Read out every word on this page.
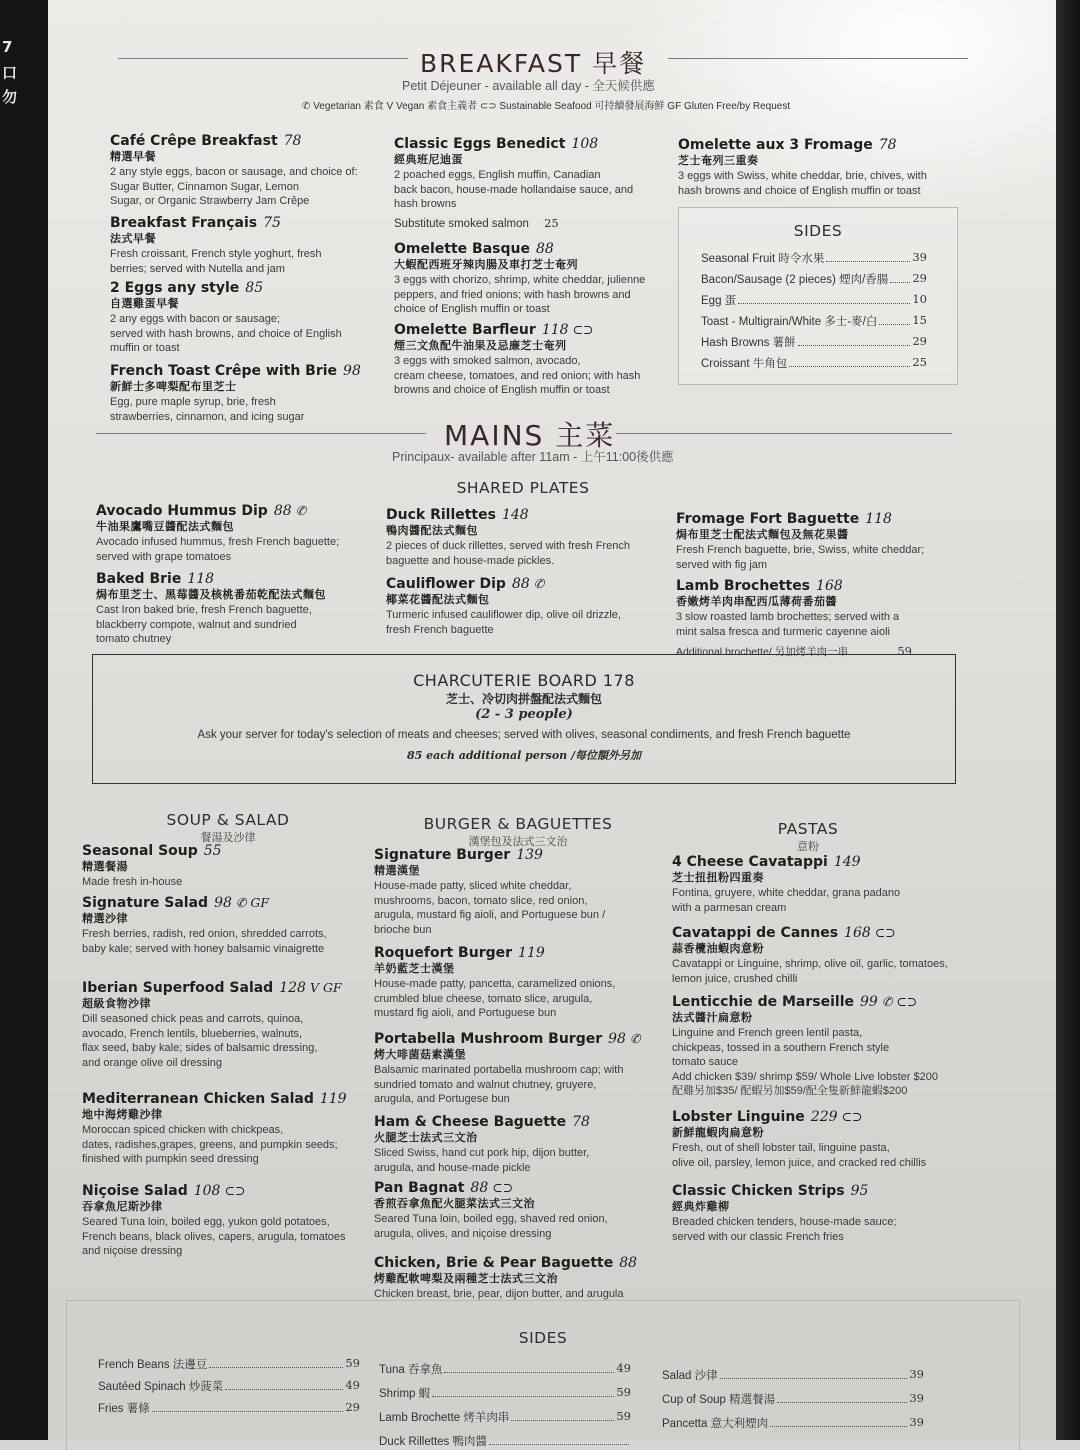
7
口
勿
BREAKFAST 早餐
Petit Déjeuner - available all day - 全天候供應
✆ Vegetarian 素食 V Vegan 素食主義者 ⊂⊃ Sustainable Seafood 可持續發展海鮮 GF Gluten Free/by Request
Café Crêpe Breakfast 78
精選早餐
2 any style eggs, bacon or sausage, and choice of:
Sugar Butter, Cinnamon Sugar, Lemon
Sugar, or Organic Strawberry Jam Crêpe
Breakfast Français 75
法式早餐
Fresh croissant, French style yoghurt, fresh
berries; served with Nutella and jam
2 Eggs any style 85
自選雞蛋早餐
2 any eggs with bacon or sausage;
served with hash browns, and choice of English
muffin or toast
French Toast Crêpe with Brie 98
新鮮士多啤梨配布里芝士
Egg, pure maple syrup, brie, fresh
strawberries, cinnamon, and icing sugar
Classic Eggs Benedict 108
經典班尼迪蛋
2 poached eggs, English muffin, Canadian
back bacon, house-made hollandaise sauce, and
hash browns
Omelette Basque 88
大蝦配西班牙辣肉腸及車打芝士奄列
3 eggs with chorizo, shrimp, white cheddar, julienne
peppers, and fried onions; with hash browns and
choice of English muffin or toast
Omelette Barfleur 118 ⊂⊃
煙三文魚配牛油果及忌廉芝士奄列
3 eggs with smoked salmon, avocado,
cream cheese, tomatoes, and red onion; with hash
browns and choice of English muffin or toast
Substitute smoked salmon 25
Omelette aux 3 Fromage 78
芝士奄列三重奏
3 eggs with Swiss, white cheddar, brie, chives, with
hash browns and choice of English muffin or toast
SIDES
Seasonal Fruit 時令水果	39
Bacon/Sausage (2 pieces) 煙肉/香腸 29
Egg 蛋	10
Toast - Multigrain/White 多士-麥/白	15
Hash Browns 薯餅	29
Croissant 牛角包	25
MAINS 主菜
Principaux- available after 11am - 上午11:00後供應
SHARED PLATES
Avocado Hummus Dip 88 ✆
牛油果鷹嘴豆醬配法式麵包
Avocado infused hummus, fresh French baguette;
served with grape tomatoes
Baked Brie 118
焗布里芝士、黑莓醬及核桃番茄乾配法式麵包
Cast Iron baked brie, fresh French baguette,
blackberry compote, walnut and sundried
tomato chutney
Duck Rillettes 148
鴨肉醬配法式麵包
2 pieces of duck rillettes, served with fresh French
baguette and house-made pickles.
Cauliflower Dip 88 ✆
椰菜花醬配法式麵包
Turmeric infused cauliflower dip, olive oil drizzle,
fresh French baguette
Fromage Fort Baguette 118
焗布里芝士配法式麵包及無花果醬
Fresh French baguette, brie, Swiss, white cheddar;
served with fig jam
Lamb Brochettes 168
香嫩烤羊肉串配西瓜薄荷番茄醬
3 slow roasted lamb brochettes; served with a
mint salsa fresca and turmeric cayenne aioli
Additional brochette/ 另加烤羊肉一串	59
CHARCUTERIE BOARD 178
芝士、冷切肉拼盤配法式麵包
(2 - 3 people)
Ask your server for today's selection of meats and cheeses; served with olives, seasonal condiments, and fresh French baguette
85 each additional person /每位額外另加
SOUP & SALAD
餐湯及沙律
BURGER & BAGUETTES
漢堡包及法式三文治
PASTAS
意粉
Seasonal Soup 55
精選餐湯
Made fresh in-house
Signature Salad 98 ✆ GF
精選沙律
Fresh berries, radish, red onion, shredded carrots,
baby kale; served with honey balsamic vinaigrette
Iberian Superfood Salad 128 V GF
超級食物沙律
Dill seasoned chick peas and carrots, quinoa,
avocado, French lentils, blueberries, walnuts,
flax seed, baby kale; sides of balsamic dressing,
and orange olive oil dressing
Mediterranean Chicken Salad 119
地中海烤雞沙律
Moroccan spiced chicken with chickpeas,
dates, radishes,grapes, greens, and pumpkin seeds;
finished with pumpkin seed dressing
Niçoise Salad 108 ⊂⊃
吞拿魚尼斯沙律
Seared Tuna loin, boiled egg, yukon gold potatoes,
French beans, black olives, capers, arugula, tomatoes
and niçoise dressing
Signature Burger 139
精選漢堡
House-made patty, sliced white cheddar,
mushrooms, bacon, tomato slice, red onion,
arugula, mustard fig aioli, and Portuguese bun /
brioche bun
Roquefort Burger 119
羊奶藍芝士漢堡
House-made patty, pancetta, caramelized onions,
crumbled blue cheese, tomato slice, arugula,
mustard fig aioli, and Portuguese bun
Portabella Mushroom Burger 98 ✆
烤大啡菌菇素漢堡
Balsamic marinated portabella mushroom cap; with
sundried tomato and walnut chutney, gruyere,
arugula, and Portugese bun
Ham & Cheese Baguette 78
火腿芝士法式三文治
Sliced Swiss, hand cut pork hip, dijon butter,
arugula, and house-made pickle
Pan Bagnat 88 ⊂⊃
香煎吞拿魚配火腿菜法式三文治
Seared Tuna loin, boiled egg, shaved red onion,
arugula, olives, and niçoise dressing
Chicken, Brie & Pear Baguette 88
烤雞配軟啤梨及兩種芝士法式三文治
Chicken breast, brie, pear, dijon butter, and arugula
4 Cheese Cavatappi 149
芝士扭扭粉四重奏
Fontina, gruyere, white cheddar, grana padano
with a parmesan cream
Cavatappi de Cannes 168 ⊂⊃
蒜香欖油蝦肉意粉
Cavatappi or Linguine, shrimp, olive oil, garlic, tomatoes,
lemon juice, crushed chilli
Lenticchie de Marseille 99 ✆ ⊂⊃
法式醬汁扁意粉
Linguine and French green lentil pasta,
chickpeas, tossed in a southern French style
tomato sauce
Add chicken $39/ shrimp $59/ Whole Live lobster $200
配雞另加$35/ 配蝦另加$59/配全隻新鮮龍蝦$200
Lobster Linguine 229 ⊂⊃
新鮮龍蝦肉扁意粉
Fresh, out of shell lobster tail, linguine pasta,
olive oil, parsley, lemon juice, and cracked red chillis
Classic Chicken Strips 95
經典炸雞柳
Breaded chicken tenders, house-made sauce;
served with our classic French fries
SIDES
French Beans 法邊豆	59
Sautéed Spinach 炒菠菜	49
Fries 薯條	29
Tuna 吞拿魚	49
Shrimp 蝦	59
Lamb Brochette 烤羊肉串	59
Duck Rillettes 鴨肉醬
Salad 沙律	39
Cup of Soup 精選餐湯	39
Pancetta 意大利煙肉	39
